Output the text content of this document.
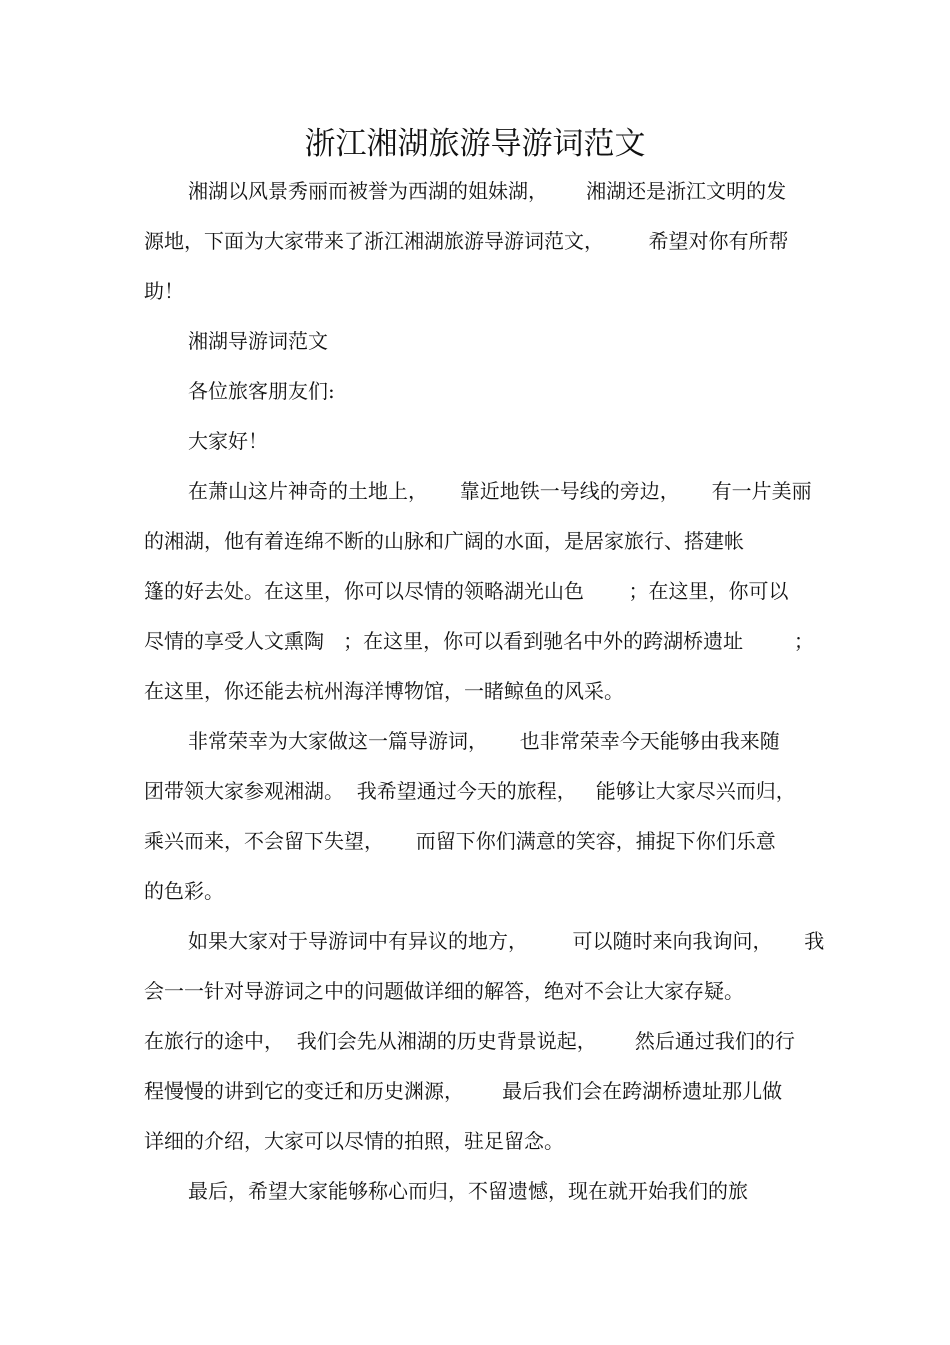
浙江湘湖旅游导游词范文

湘湖以风景秀丽而被誉为西湖的姐妹湖，      湘湖还是浙江文明的发

源地，下面为大家带来了浙江湘湖旅游导游词范文，       希望对你有所帮

助！

湘湖导游词范文

各位旅客朋友们:

大家好！

在萧山这片神奇的土地上，     靠近地铁一号线的旁边，     有一片美丽

的湘湖，他有着连绵不断的山脉和广阔的水面，是居家旅行、搭建帐

篷的好去处。在这里，你可以尽情的领略湖光山色       ；在这里，你可以

尽情的享受人文熏陶   ；在这里，你可以看到驰名中外的跨湖桥遗址        ；

在这里，你还能去杭州海洋博物馆，一睹鲸鱼的风采。

非常荣幸为大家做这一篇导游词，     也非常荣幸今天能够由我来随

团带领大家参观湘湖。  我希望通过今天的旅程，   能够让大家尽兴而归，

乘兴而来，不会留下失望，     而留下你们满意的笑容，捕捉下你们乐意

的色彩。

如果大家对于导游词中有异议的地方，       可以随时来向我询问，     我

会一一针对导游词之中的问题做详细的解答，绝对不会让大家存疑。

在旅行的途中，  我们会先从湘湖的历史背景说起，      然后通过我们的行

程慢慢的讲到它的变迁和历史渊源，      最后我们会在跨湖桥遗址那儿做

详细的介绍，大家可以尽情的拍照，驻足留念。

最后，希望大家能够称心而归，不留遗憾，现在就开始我们的旅
